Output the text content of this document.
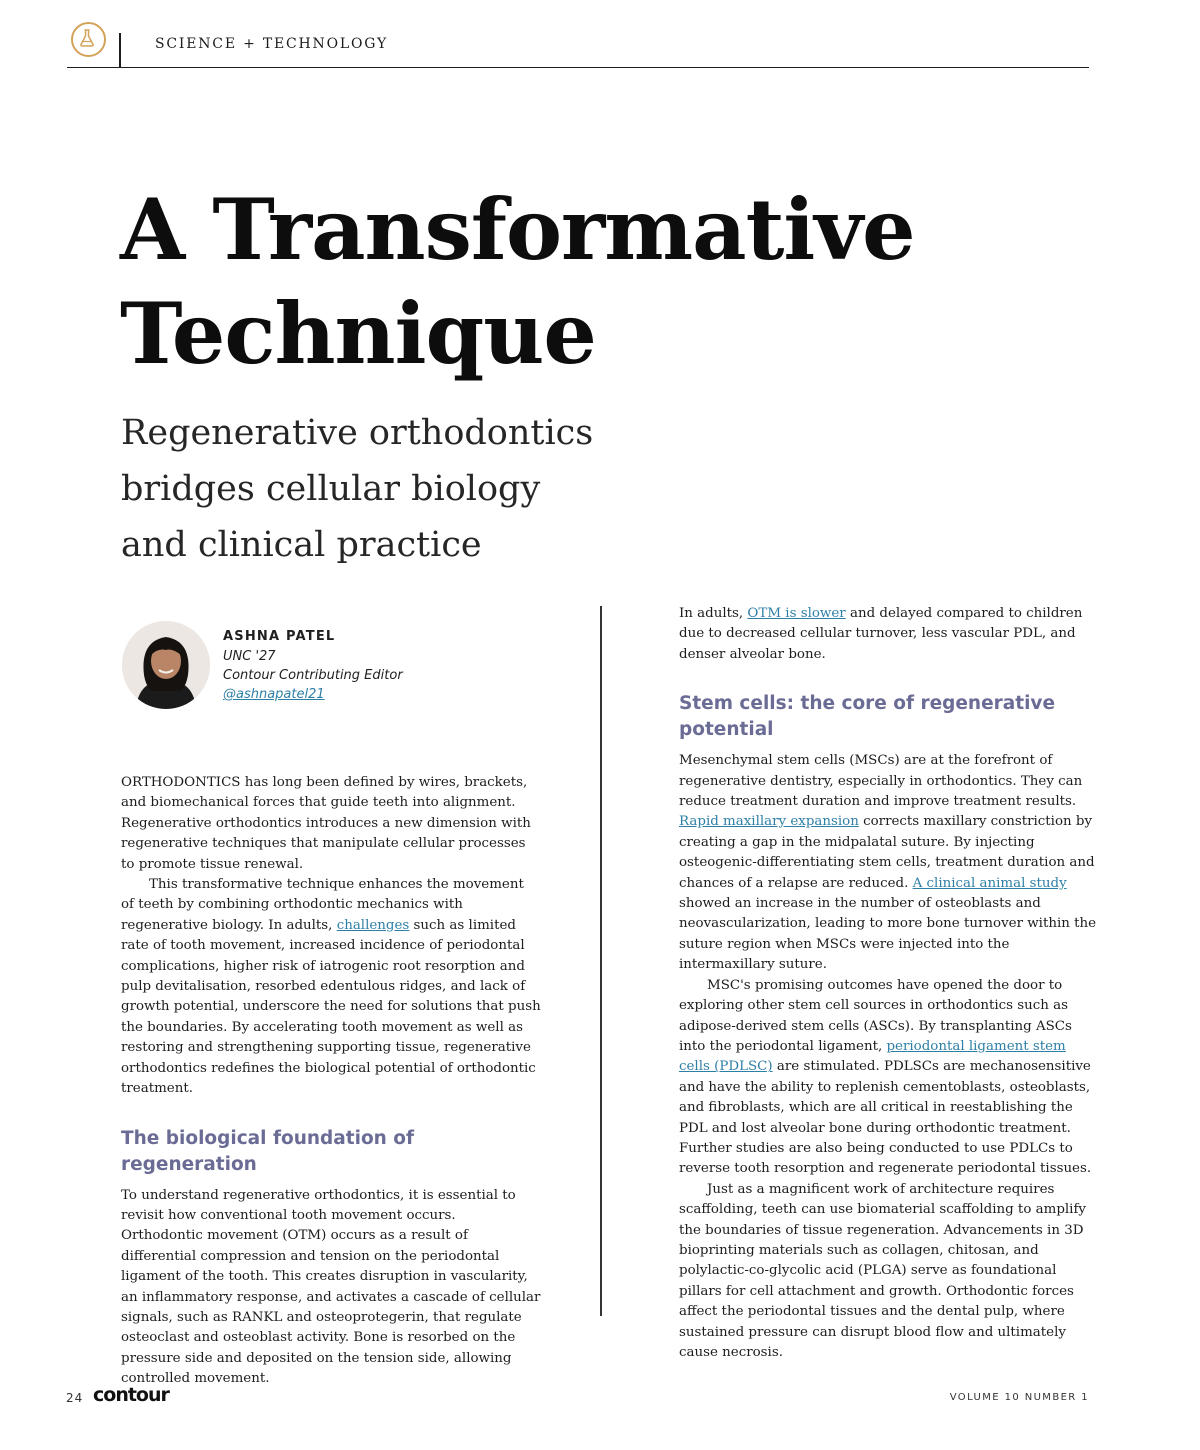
SCIENCE + TECHNOLOGY
A Transformative
Technique

Regenerative orthodontics
bridges cellular biology
and clinical practice

ASHNA PATEL
UNC '27
Contour Contributing Editor
@ashnapatel21

ORTHODONTICS has long been defined by wires, brackets, and biomechanical forces that guide teeth into alignment. Regenerative orthodontics introduces a new dimension with regenerative techniques that manipulate cellular processes to promote tissue renewal.

This transformative technique enhances the movement of teeth by combining orthodontic mechanics with regenerative biology. In adults, challenges such as limited rate of tooth movement, increased incidence of periodontal complications, higher risk of iatrogenic root resorption and pulp devitalisation, resorbed edentulous ridges, and lack of growth potential, underscore the need for solutions that push the boundaries. By accelerating tooth movement as well as restoring and strengthening supporting tissue, regenerative orthodontics redefines the biological potential of orthodontic treatment.

The biological foundation of regeneration

To understand regenerative orthodontics, it is essential to revisit how conventional tooth movement occurs. Orthodontic movement (OTM) occurs as a result of differential compression and tension on the periodontal ligament of the tooth. This creates disruption in vascularity, an inflammatory response, and activates a cascade of cellular signals, such as RANKL and osteoprotegerin, that regulate osteoclast and osteoblast activity. Bone is resorbed on the pressure side and deposited on the tension side, allowing controlled movement.

In adults, OTM is slower and delayed compared to children due to decreased cellular turnover, less vascular PDL, and denser alveolar bone.

Stem cells: the core of regenerative potential

Mesenchymal stem cells (MSCs) are at the forefront of regenerative dentistry, especially in orthodontics. They can reduce treatment duration and improve treatment results. Rapid maxillary expansion corrects maxillary constriction by creating a gap in the midpalatal suture. By injecting osteogenic-differentiating stem cells, treatment duration and chances of a relapse are reduced. A clinical animal study showed an increase in the number of osteoblasts and neovascularization, leading to more bone turnover within the suture region when MSCs were injected into the intermaxillary suture.

MSC's promising outcomes have opened the door to exploring other stem cell sources in orthodontics such as adipose-derived stem cells (ASCs). By transplanting ASCs into the periodontal ligament, periodontal ligament stem cells (PDLSC) are stimulated. PDLSCs are mechanosensitive and have the ability to replenish cementoblasts, osteoblasts, and fibroblasts, which are all critical in reestablishing the PDL and lost alveolar bone during orthodontic treatment. Further studies are also being conducted to use PDLCs to reverse tooth resorption and regenerate periodontal tissues.

Just as a magnificent work of architecture requires scaffolding, teeth can use biomaterial scaffolding to amplify the boundaries of tissue regeneration. Advancements in 3D bioprinting materials such as collagen, chitosan, and polylactic-co-glycolic acid (PLGA) serve as foundational pillars for cell attachment and growth. Orthodontic forces affect the periodontal tissues and the dental pulp, where sustained pressure can disrupt blood flow and ultimately cause necrosis.

24 contour	VOLUME 10 NUMBER 1
